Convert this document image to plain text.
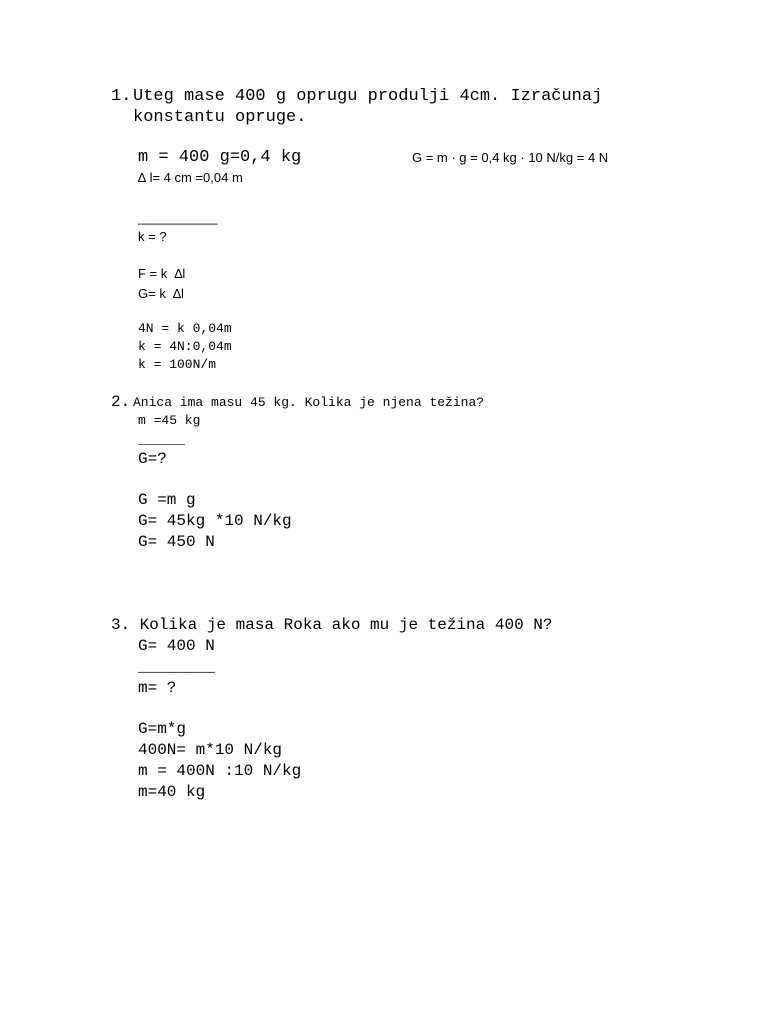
1. Uteg mase 400 g oprugu produlji 4cm. Izračunaj
konstantu opruge.
m = 400 g=0,4 kg	G = m · g = 0,4 kg · 10 N/kg = 4 N
∆ l= 4 cm =0,04 m
___________
k = ?
F = k  ∆l
G= k  ∆l
4N = k 0,04m
k = 4N:0,04m
k = 100N/m
2. Anica ima masu 45 kg. Kolika je njena težina?
m =45 kg
______
G=?
G =m g
G= 45kg *10 N/kg
G= 450 N
3. Kolika je masa Roka ako mu je težina 400 N?
G= 400 N
________
m= ?
G=m*g
400N= m*10 N/kg
m = 400N :10 N/kg
m=40 kg
